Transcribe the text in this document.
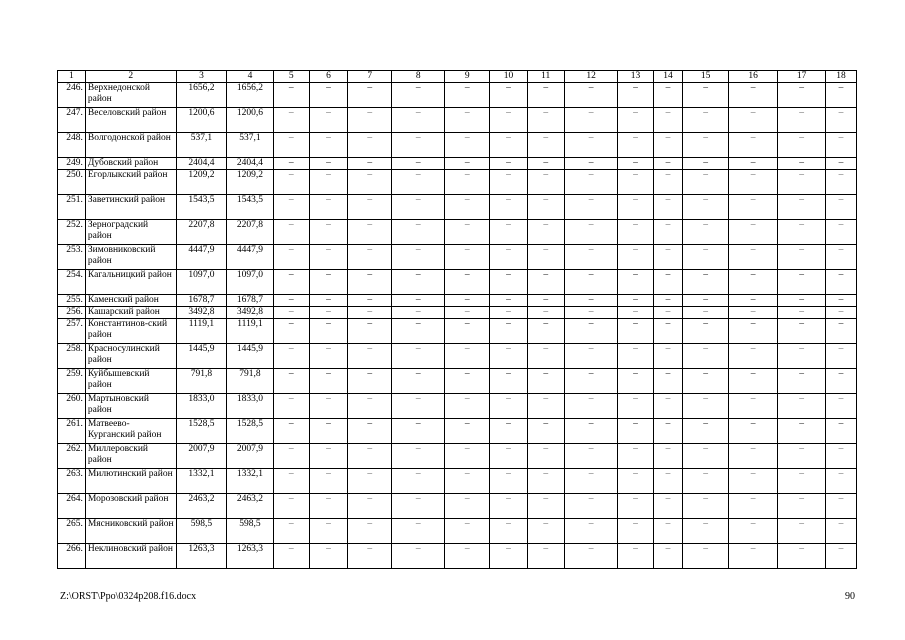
1	2	3	4	5	6	7	8	9	10	11	12	13	14	15	16	17	18
246.	Верхнедонской район	1656,2	1656,2	–	–	–	–	–	–	–	–	–	–	–	–	–	–
247.	Веселовский район	1200,6	1200,6	–	–	–	–	–	–	–	–	–	–	–	–	–	–
248.	Волгодонской район	537,1	537,1	–	–	–	–	–	–	–	–	–	–	–	–	–	–
249.	Дубовский район	2404,4	2404,4	–	–	–	–	–	–	–	–	–	–	–	–	–	–
250.	Егорлыкский район	1209,2	1209,2	–	–	–	–	–	–	–	–	–	–	–	–	–	–
251.	Заветинский район	1543,5	1543,5	–	–	–	–	–	–	–	–	–	–	–	–	–	–
252.	Зерноградский район	2207,8	2207,8	–	–	–	–	–	–	–	–	–	–	–	–	–	–
253.	Зимовниковский район	4447,9	4447,9	–	–	–	–	–	–	–	–	–	–	–	–	–	–
254.	Кагальницкий район	1097,0	1097,0	–	–	–	–	–	–	–	–	–	–	–	–	–	–
255.	Каменский район	1678,7	1678,7	–	–	–	–	–	–	–	–	–	–	–	–	–	–
256.	Кашарский район	3492,8	3492,8	–	–	–	–	–	–	–	–	–	–	–	–	–	–
257.	Константинов-ский район	1119,1	1119,1	–	–	–	–	–	–	–	–	–	–	–	–	–	–
258.	Красносулинский район	1445,9	1445,9	–	–	–	–	–	–	–	–	–	–	–	–	–	–
259.	Куйбышевский район	791,8	791,8	–	–	–	–	–	–	–	–	–	–	–	–	–	–
260.	Мартыновский район	1833,0	1833,0	–	–	–	–	–	–	–	–	–	–	–	–	–	–
261.	Матвеево-Курганский район	1528,5	1528,5	–	–	–	–	–	–	–	–	–	–	–	–	–	–
262.	Миллеровский район	2007,9	2007,9	–	–	–	–	–	–	–	–	–	–	–	–	–	–
263.	Милютинский район	1332,1	1332,1	–	–	–	–	–	–	–	–	–	–	–	–	–	–
264.	Морозовский район	2463,2	2463,2	–	–	–	–	–	–	–	–	–	–	–	–	–	–
265.	Мясниковский район	598,5	598,5	–	–	–	–	–	–	–	–	–	–	–	–	–	–
266.	Неклиновский район	1263,3	1263,3	–	–	–	–	–	–	–	–	–	–	–	–	–	–
Z:\ORST\Ppo\0324p208.f16.docx	90
